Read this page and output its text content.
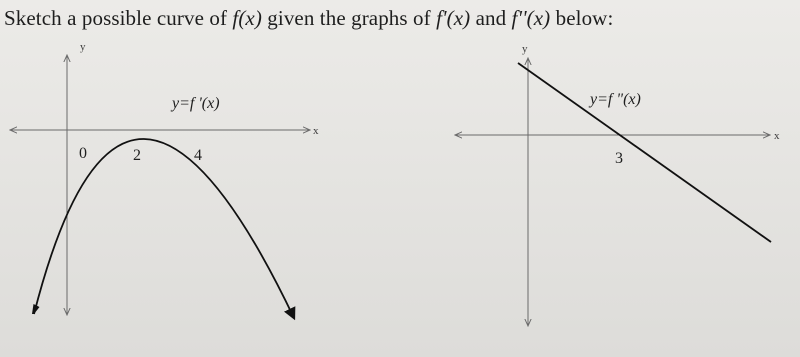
Sketch a possible curve of f(x) given the graphs of f'(x) and f''(x) below:
x
y
y=f '(x)
0	2	4
x
y
y=f "(x)
3
